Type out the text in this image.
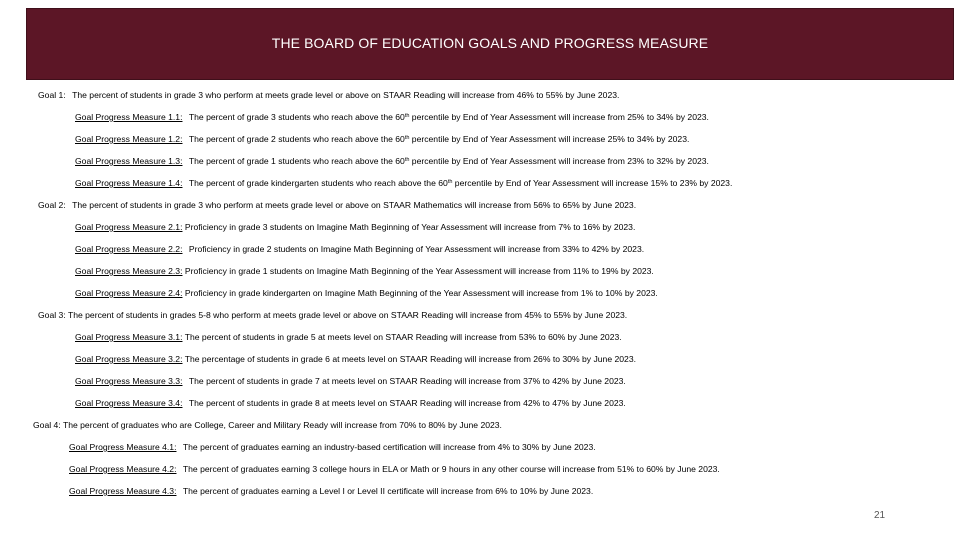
THE BOARD OF EDUCATION GOALS AND PROGRESS MEASURE
Goal 1: The percent of students in grade 3 who perform at meets grade level or above on STAAR Reading will increase from 46% to 55% by June 2023.
Goal Progress Measure 1.1: The percent of grade 3 students who reach above the 60th percentile by End of Year Assessment will increase from 25% to 34% by 2023.
Goal Progress Measure 1.2: The percent of grade 2 students who reach above the 60th percentile by End of Year Assessment will increase 25% to 34% by 2023.
Goal Progress Measure 1.3: The percent of grade 1 students who reach above the 60th percentile by End of Year Assessment will increase from 23% to 32% by 2023.
Goal Progress Measure 1.4: The percent of grade kindergarten students who reach above the 60th percentile by End of Year Assessment will increase 15% to 23% by 2023.
Goal 2: The percent of students in grade 3 who perform at meets grade level or above on STAAR Mathematics will increase from 56% to 65% by June 2023.
Goal Progress Measure 2.1: Proficiency in grade 3 students on Imagine Math Beginning of Year Assessment will increase from 7% to 16% by 2023.
Goal Progress Measure 2.2: Proficiency in grade 2 students on Imagine Math Beginning of Year Assessment will increase from 33% to 42% by 2023.
Goal Progress Measure 2.3: Proficiency in grade 1 students on Imagine Math Beginning of the Year Assessment will increase from 11% to 19% by 2023.
Goal Progress Measure 2.4: Proficiency in grade kindergarten on Imagine Math Beginning of the Year Assessment will increase from 1% to 10% by 2023.
Goal 3: The percent of students in grades 5-8 who perform at meets grade level or above on STAAR Reading will increase from 45% to 55% by June 2023.
Goal Progress Measure 3.1: The percent of students in grade 5 at meets level on STAAR Reading will increase from 53% to 60% by June 2023.
Goal Progress Measure 3.2: The percentage of students in grade 6 at meets level on STAAR Reading will increase from 26% to 30% by June 2023.
Goal Progress Measure 3.3: The percent of students in grade 7 at meets level on STAAR Reading will increase from 37% to 42% by June 2023.
Goal Progress Measure 3.4: The percent of students in grade 8 at meets level on STAAR Reading will increase from 42% to 47% by June 2023.
Goal 4: The percent of graduates who are College, Career and Military Ready will increase from 70% to 80% by June 2023.
Goal Progress Measure 4.1: The percent of graduates earning an industry-based certification will increase from 4% to 30% by June 2023.
Goal Progress Measure 4.2: The percent of graduates earning 3 college hours in ELA or Math or 9 hours in any other course will increase from 51% to 60% by June 2023.
Goal Progress Measure 4.3: The percent of graduates earning a Level I or Level II certificate will increase from 6% to 10% by June 2023.
21
